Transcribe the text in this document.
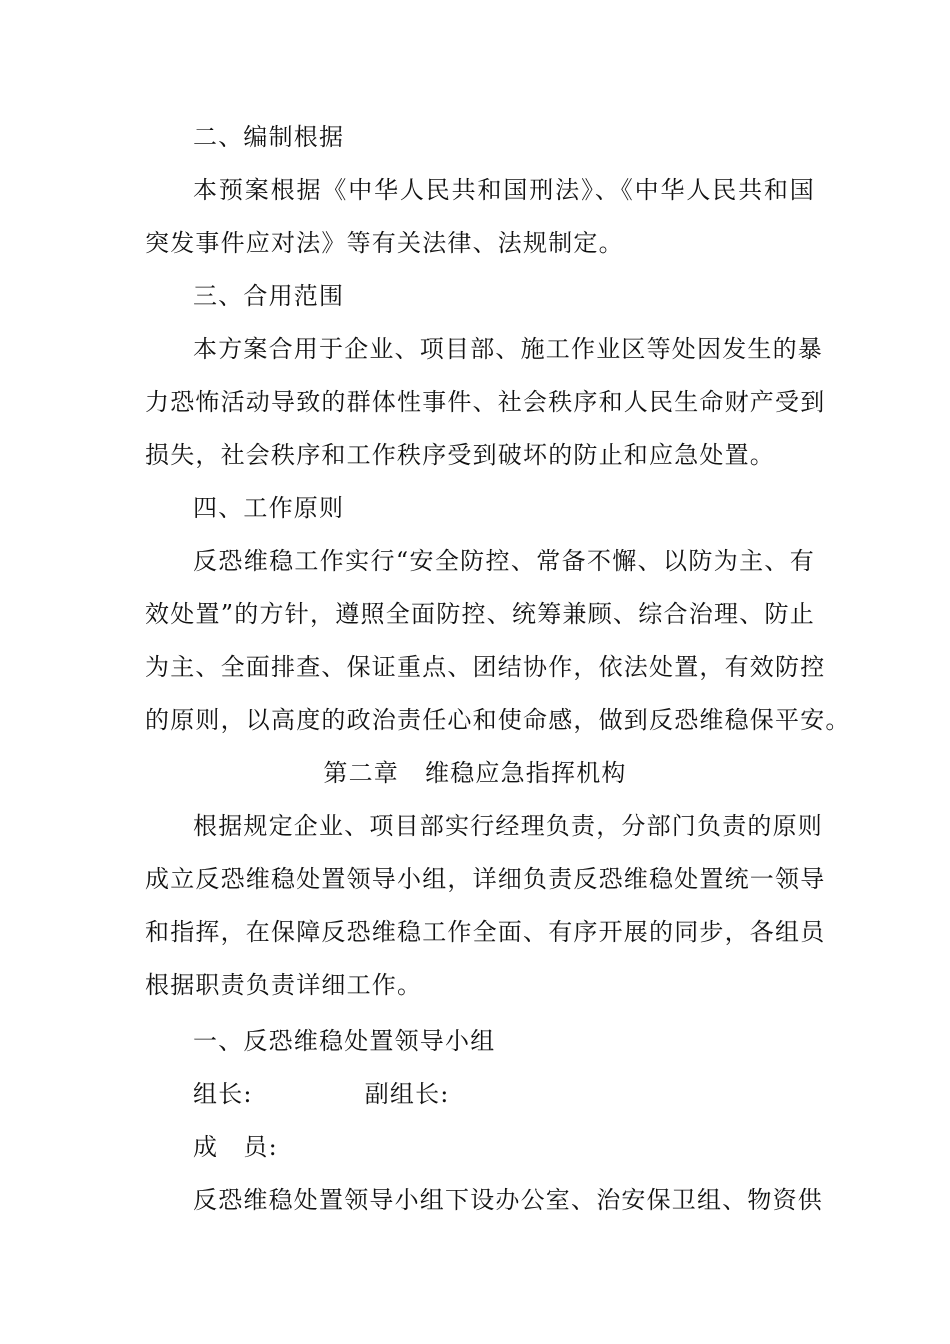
二、编制根据
本预案根据《中华人民共和国刑法》、《中华人民共和国
突发事件应对法》等有关法律、法规制定。
三、合用范围
本方案合用于企业、项目部、施工作业区等处因发生的暴
力恐怖活动导致的群体性事件、社会秩序和人民生命财产受到
损失，社会秩序和工作秩序受到破坏的防止和应急处置。
四、工作原则
反恐维稳工作实行“安全防控、常备不懈、以防为主、有
效处置”的方针，遵照全面防控、统筹兼顾、综合治理、防止
为主、全面排查、保证重点、团结协作，依法处置，有效防控
的原则，以高度的政治责任心和使命感，做到反恐维稳保平安。
第二章 维稳应急指挥机构
根据规定企业、项目部实行经理负责，分部门负责的原则
成立反恐维稳处置领导小组，详细负责反恐维稳处置统一领导
和指挥，在保障反恐维稳工作全面、有序开展的同步，各组员
根据职责负责详细工作。
一、反恐维稳处置领导小组
组长:	副组长:
成　员:
反恐维稳处置领导小组下设办公室、治安保卫组、物资供
